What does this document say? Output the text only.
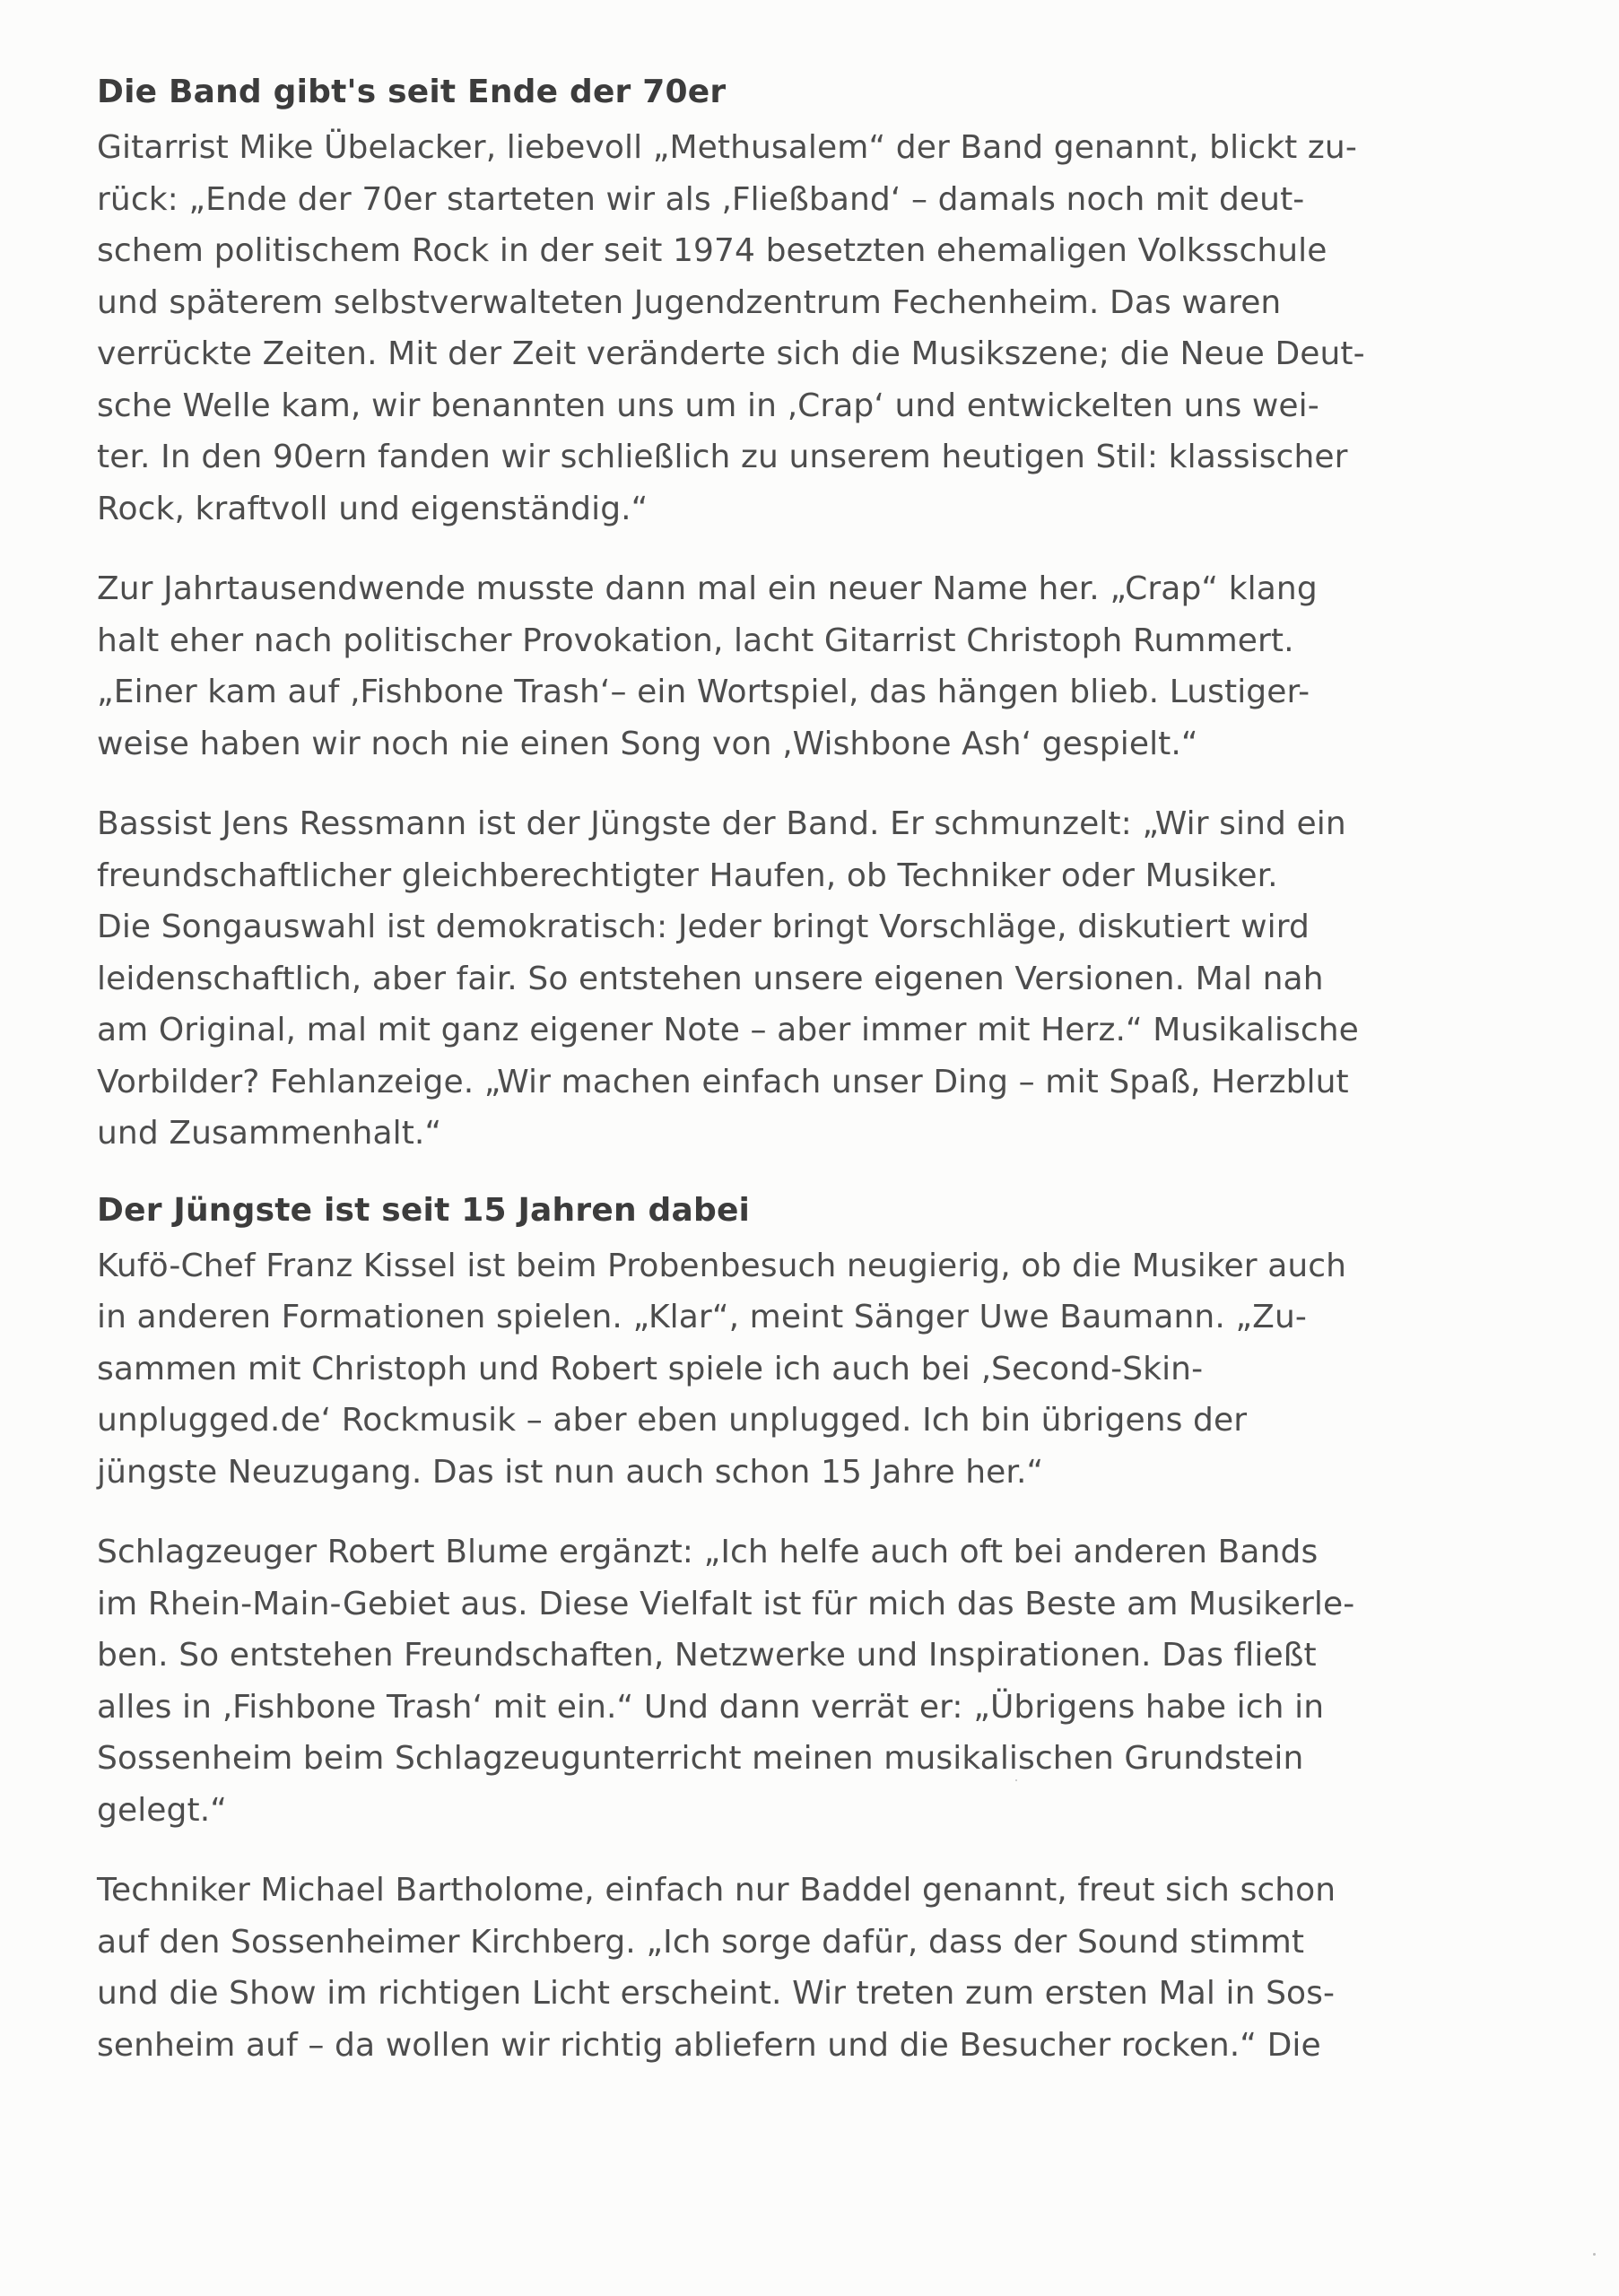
Die Band gibt's seit Ende der 70er

Gitarrist Mike Übelacker, liebevoll „Methusalem“ der Band genannt, blickt zu-
rück: „Ende der 70er starteten wir als ‚Fließband‘ – damals noch mit deut-
schem politischem Rock in der seit 1974 besetzten ehemaligen Volksschule
und späterem selbstverwalteten Jugendzentrum Fechenheim. Das waren
verrückte Zeiten. Mit der Zeit veränderte sich die Musikszene; die Neue Deut-
sche Welle kam, wir benannten uns um in ‚Crap‘ und entwickelten uns wei-
ter. In den 90ern fanden wir schließlich zu unserem heutigen Stil: klassischer
Rock, kraftvoll und eigenständig.“

Zur Jahrtausendwende musste dann mal ein neuer Name her. „Crap“ klang
halt eher nach politischer Provokation, lacht Gitarrist Christoph Rummert.
„Einer kam auf ‚Fishbone Trash‘– ein Wortspiel, das hängen blieb. Lustiger-
weise haben wir noch nie einen Song von ‚Wishbone Ash‘ gespielt.“

Bassist Jens Ressmann ist der Jüngste der Band. Er schmunzelt: „Wir sind ein
freundschaftlicher gleichberechtigter Haufen, ob Techniker oder Musiker.
Die Songauswahl ist demokratisch: Jeder bringt Vorschläge, diskutiert wird
leidenschaftlich, aber fair. So entstehen unsere eigenen Versionen. Mal nah
am Original, mal mit ganz eigener Note – aber immer mit Herz.“ Musikalische
Vorbilder? Fehlanzeige. „Wir machen einfach unser Ding – mit Spaß, Herzblut
und Zusammenhalt.“

Der Jüngste ist seit 15 Jahren dabei

Kufö-Chef Franz Kissel ist beim Probenbesuch neugierig, ob die Musiker auch
in anderen Formationen spielen. „Klar“, meint Sänger Uwe Baumann. „Zu-
sammen mit Christoph und Robert spiele ich auch bei ‚Second-Skin-
unplugged.de‘ Rockmusik – aber eben unplugged. Ich bin übrigens der
jüngste Neuzugang. Das ist nun auch schon 15 Jahre her.“

Schlagzeuger Robert Blume ergänzt: „Ich helfe auch oft bei anderen Bands
im Rhein-Main-Gebiet aus. Diese Vielfalt ist für mich das Beste am Musikerle-
ben. So entstehen Freundschaften, Netzwerke und Inspirationen. Das fließt
alles in ‚Fishbone Trash‘ mit ein.“ Und dann verrät er: „Übrigens habe ich in
Sossenheim beim Schlagzeugunterricht meinen musikalischen Grundstein
gelegt.“

Techniker Michael Bartholome, einfach nur Baddel genannt, freut sich schon
auf den Sossenheimer Kirchberg. „Ich sorge dafür, dass der Sound stimmt
und die Show im richtigen Licht erscheint. Wir treten zum ersten Mal in Sos-
senheim auf – da wollen wir richtig abliefern und die Besucher rocken.“ Die
